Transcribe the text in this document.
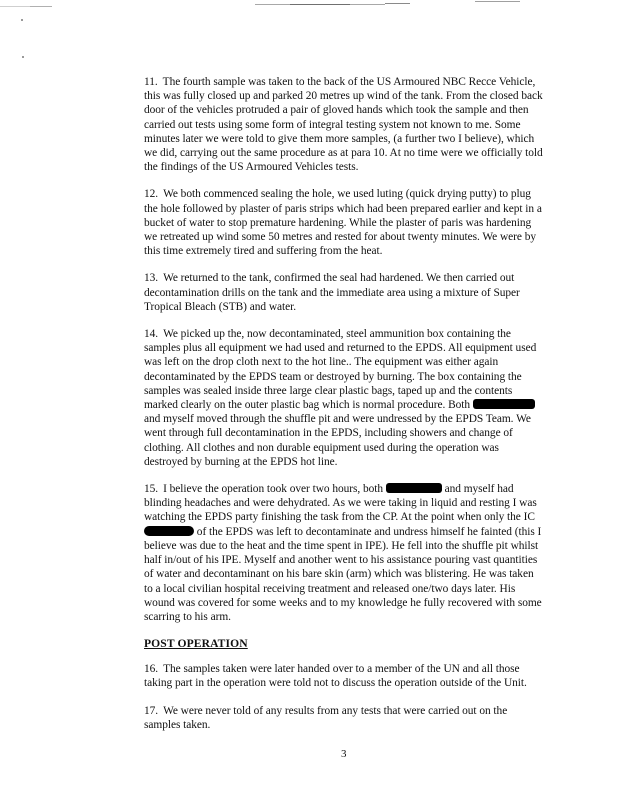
11. The fourth sample was taken to the back of the US Armoured NBC Recce Vehicle, this was fully closed up and parked 20 metres up wind of the tank. From the closed back door of the vehicles protruded a pair of gloved hands which took the sample and then carried out tests using some form of integral testing system not known to me. Some minutes later we were told to give them more samples, (a further two I believe), which we did, carrying out the same procedure as at para 10. At no time were we officially told the findings of the US Armoured Vehicles tests.

12. We both commenced sealing the hole, we used luting (quick drying putty) to plug the hole followed by plaster of paris strips which had been prepared earlier and kept in a bucket of water to stop premature hardening. While the plaster of paris was hardening we retreated up wind some 50 metres and rested for about twenty minutes. We were by this time extremely tired and suffering from the heat.

13. We returned to the tank, confirmed the seal had hardened. We then carried out decontamination drills on the tank and the immediate area using a mixture of Super Tropical Bleach (STB) and water.

14. We picked up the, now decontaminated, steel ammunition box containing the samples plus all equipment we had used and returned to the EPDS. All equipment used was left on the drop cloth next to the hot line.. The equipment was either again decontaminated by the EPDS team or destroyed by burning. The box containing the samples was sealed inside three large clear plastic bags, taped up and the contents marked clearly on the outer plastic bag which is normal procedure. Both  and myself moved through the shuffle pit and were undressed by the EPDS Team. We went through full decontamination in the EPDS, including showers and change of clothing. All clothes and non durable equipment used during the operation was destroyed by burning at the EPDS hot line.

15. I believe the operation took over two hours, both	and myself had blinding headaches and were dehydrated. As we were taking in liquid and resting I was watching the EPDS party finishing the task from the CP. At the point when only the IC  of the EPDS was left to decontaminate and undress himself he fainted (this I believe was due to the heat and the time spent in IPE). He fell into the shuffle pit whilst half in/out of his IPE. Myself and another went to his assistance pouring vast quantities of water and decontaminant on his bare skin (arm) which was blistering. He was taken to a local civilian hospital receiving treatment and released one/two days later. His wound was covered for some weeks and to my knowledge he fully recovered with some scarring to his arm.

POST OPERATION

16. The samples taken were later handed over to a member of the UN and all those taking part in the operation were told not to discuss the operation outside of the Unit.

17. We were never told of any results from any tests that were carried out on the samples taken.

3
